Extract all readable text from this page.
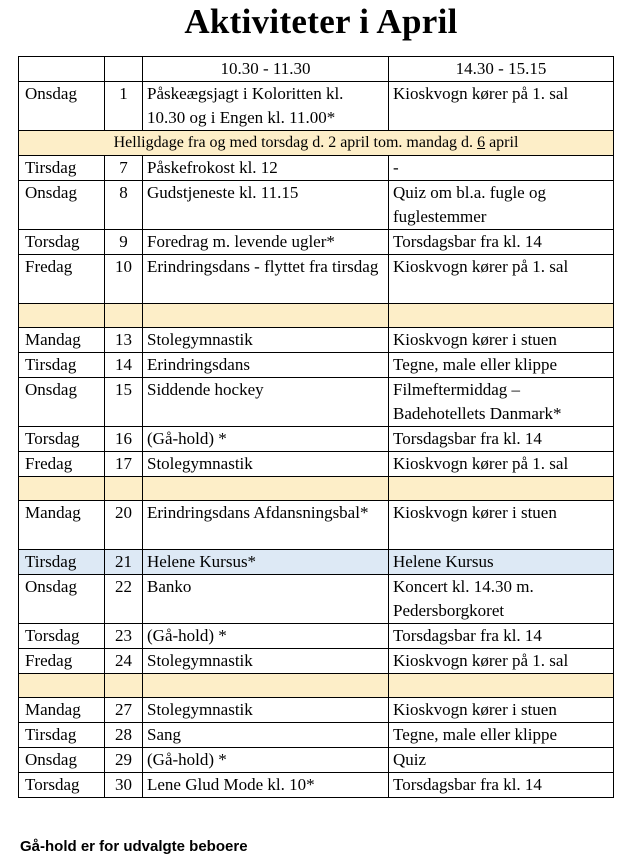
Aktiviteter i April
		10.30 - 11.30	14.30 - 15.15
Onsdag	1	Påskeægsjagt i Koloritten kl. 10.30 og i Engen kl. 11.00*	Kioskvogn kører på 1. sal
Helligdage fra og med torsdag d. 2 april tom. mandag d. 6 april			
Tirsdag	7	Påskefrokost kl. 12	-
Onsdag	8	Gudstjeneste kl. 11.15	Quiz om bl.a. fugle og fuglestemmer
Torsdag	9	Foredrag m. levende ugler*	Torsdagsbar fra kl. 14
Fredag	10	Erindringsdans - flyttet fra tirsdag	Kioskvogn kører på 1. sal

Mandag	13	Stolegymnastik	Kioskvogn kører i stuen
Tirsdag	14	Erindringsdans	Tegne, male eller klippe
Onsdag	15	Siddende hockey	Filmeftermiddag – Badehotellets Danmark*
Torsdag	16	(Gå-hold) *	Torsdagsbar fra kl. 14
Fredag	17	Stolegymnastik	Kioskvogn kører på 1. sal

Mandag	20	Erindringsdans Afdansningsbal*	Kioskvogn kører i stuen
Tirsdag	21	Helene Kursus*	Helene Kursus
Onsdag	22	Banko	Koncert kl. 14.30 m. Pedersborgkoret
Torsdag	23	(Gå-hold) *	Torsdagsbar fra kl. 14
Fredag	24	Stolegymnastik	Kioskvogn kører på 1. sal

Mandag	27	Stolegymnastik	Kioskvogn kører i stuen
Tirsdag	28	Sang	Tegne, male eller klippe
Onsdag	29	(Gå-hold) *	Quiz
Torsdag	30	Lene Glud Mode kl. 10*	Torsdagsbar fra kl. 14

Gå-hold er for udvalgte beboere
